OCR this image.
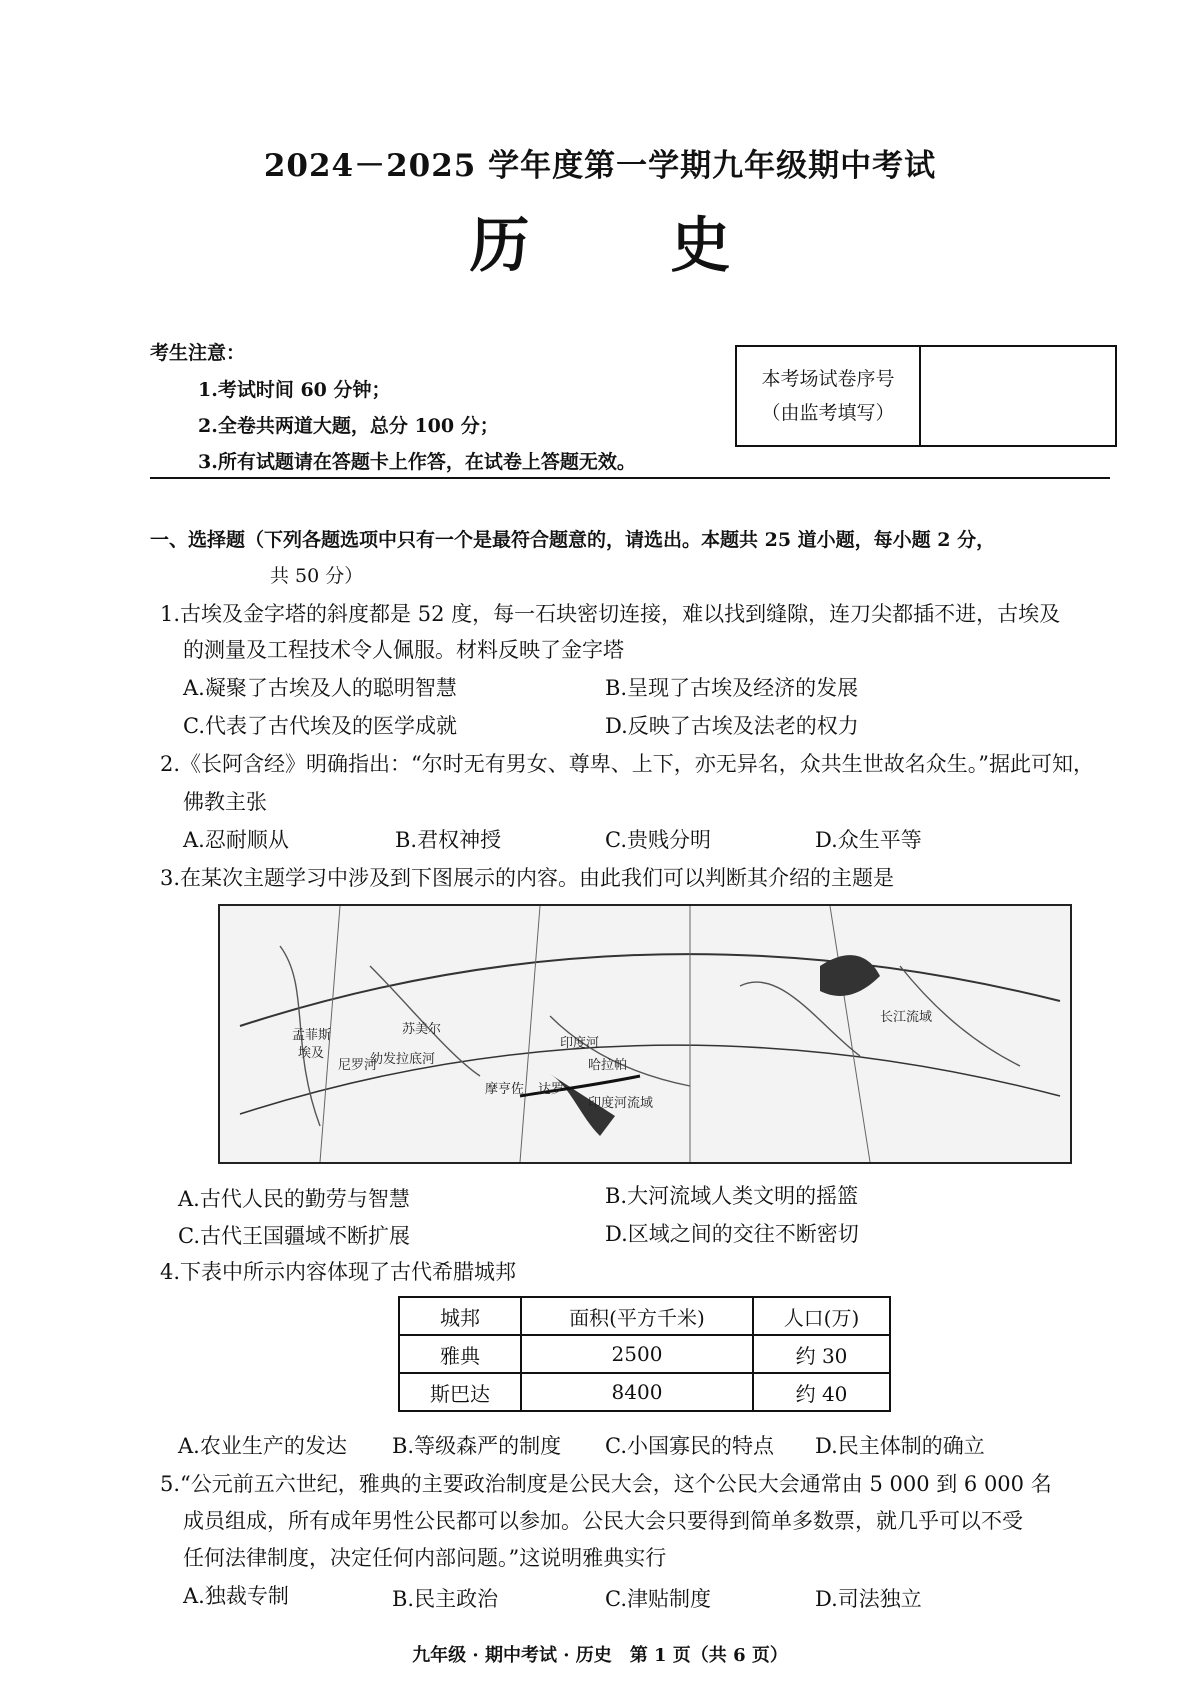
2024－2025 学年度第一学期九年级期中考试
历 史
考生注意：
1.考试时间 60 分钟；
2.全卷共两道大题，总分 100 分；
3.所有试题请在答题卡上作答，在试卷上答题无效。
本考场试卷序号
（由监考填写）
一、选择题（下列各题选项中只有一个是最符合题意的，请选出。本题共 25 道小题，每小题 2 分，
共 50 分）
1.古埃及金字塔的斜度都是 52 度，每一石块密切连接，难以找到缝隙，连刀尖都插不进，古埃及
的测量及工程技术令人佩服。材料反映了金字塔
A.凝聚了古埃及人的聪明智慧	B.呈现了古埃及经济的发展
C.代表了古代埃及的医学成就	D.反映了古埃及法老的权力
2.《长阿含经》明确指出：“尔时无有男女、尊卑、上下，亦无异名，众共生世故名众生。”据此可知，
佛教主张
A.忍耐顺从	B.君权神授	C.贵贱分明	D.众生平等
3.在某次主题学习中涉及到下图展示的内容。由此我们可以判断其介绍的主题是
孟菲斯
埃及
尼罗河
苏美尔
幼发拉底河
摩亨佐 达罗
印度河
哈拉帕
印度河流域
长江流域
A.古代人民的勤劳与智慧	B.大河流域人类文明的摇篮
C.古代王国疆域不断扩展	D.区域之间的交往不断密切
4.下表中所示内容体现了古代希腊城邦
城邦	面积(平方千米)	人口(万)
雅典	2500	约 30
斯巴达	8400	约 40
A.农业生产的发达 B.等级森严的制度 C.小国寡民的特点 D.民主体制的确立
5.“公元前五六世纪，雅典的主要政治制度是公民大会，这个公民大会通常由 5 000 到 6 000 名
成员组成，所有成年男性公民都可以参加。公民大会只要得到简单多数票，就几乎可以不受
任何法律制度，决定任何内部问题。”这说明雅典实行
A.独裁专制	B.民主政治	C.津贴制度	D.司法独立
九年级 · 期中考试 · 历史　第 1 页（共 6 页）
